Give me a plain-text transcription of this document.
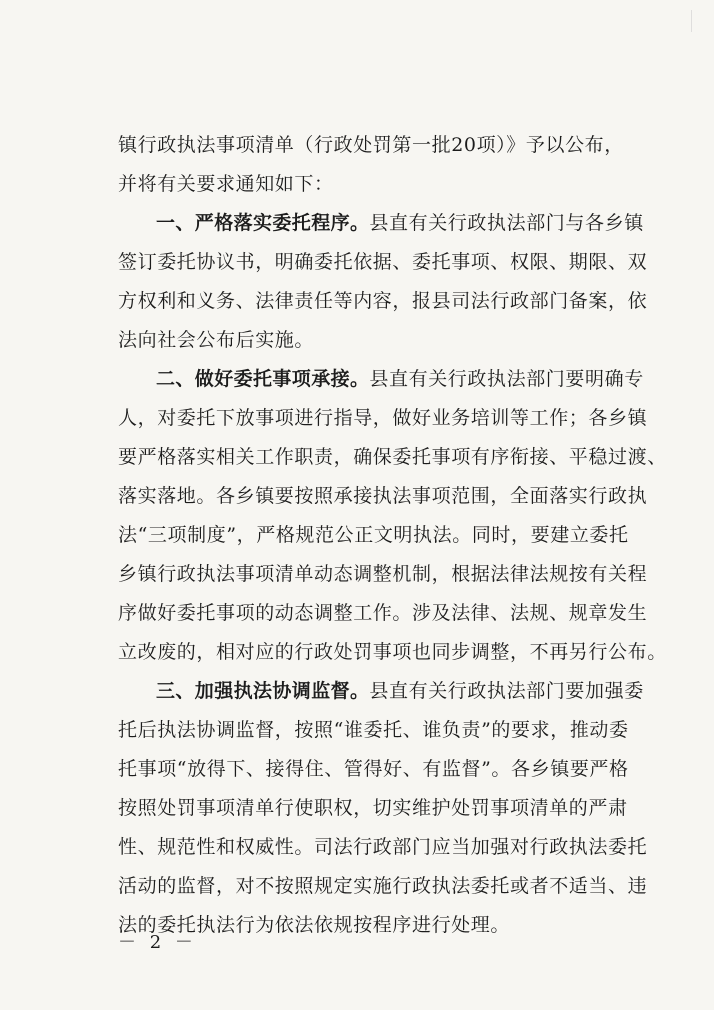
镇行政执法事项清单（行政处罚第一批20项）》予以公布，
并将有关要求通知如下：
一、严格落实委托程序。县直有关行政执法部门与各乡镇
签订委托协议书，明确委托依据、委托事项、权限、期限、双
方权利和义务、法律责任等内容，报县司法行政部门备案，依
法向社会公布后实施。
二、做好委托事项承接。县直有关行政执法部门要明确专
人，对委托下放事项进行指导，做好业务培训等工作；各乡镇
要严格落实相关工作职责，确保委托事项有序衔接、平稳过渡、
落实落地。各乡镇要按照承接执法事项范围，全面落实行政执
法“三项制度”，严格规范公正文明执法。同时，要建立委托
乡镇行政执法事项清单动态调整机制，根据法律法规按有关程
序做好委托事项的动态调整工作。涉及法律、法规、规章发生
立改废的，相对应的行政处罚事项也同步调整，不再另行公布。
三、加强执法协调监督。县直有关行政执法部门要加强委
托后执法协调监督，按照“谁委托、谁负责”的要求，推动委
托事项“放得下、接得住、管得好、有监督”。各乡镇要严格
按照处罚事项清单行使职权，切实维护处罚事项清单的严肃
性、规范性和权威性。司法行政部门应当加强对行政执法委托
活动的监督，对不按照规定实施行政执法委托或者不适当、违
法的委托执法行为依法依规按程序进行处理。
－ 2 －
